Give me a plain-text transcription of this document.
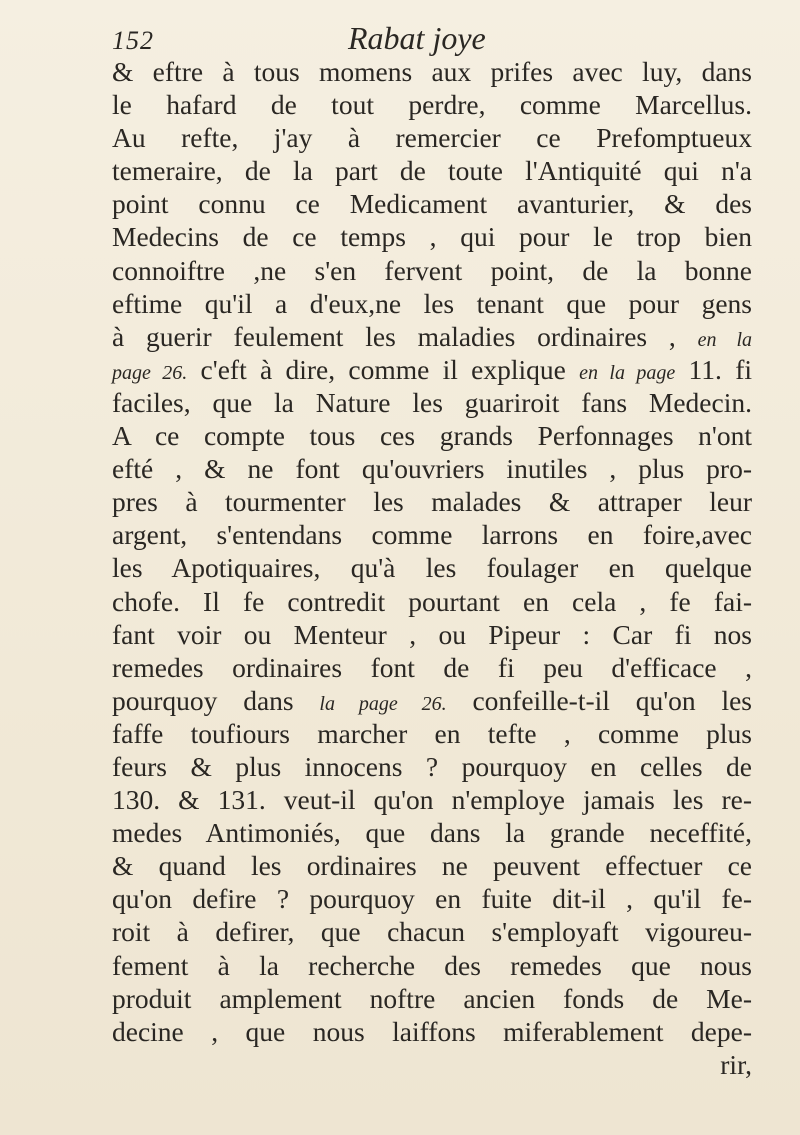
152	Rabat joye
& eftre à tous momens aux prifes avec luy, dans
le hafard de tout perdre, comme Marcellus.
Au refte, j'ay à remercier ce Prefomptueux
temeraire, de la part de toute l'Antiquité qui n'a
point connu ce Medicament avanturier, & des
Medecins de ce temps , qui pour le trop bien
connoiftre ,ne s'en fervent point, de la bonne
eftime qu'il a d'eux,ne les tenant que pour gens
à guerir feulement les maladies ordinaires , en la
page 26. c'eft à dire, comme il explique en la page 11. fi
faciles, que la Nature les guariroit fans Medecin.
A ce compte tous ces grands Perfonnages n'ont
efté , & ne font qu'ouvriers inutiles , plus pro-
pres à tourmenter les malades & attraper leur
argent, s'entendans comme larrons en foire,avec
les Apotiquaires, qu'à les foulager en quelque
chofe. Il fe contredit pourtant en cela , fe fai-
fant voir ou Menteur , ou Pipeur : Car fi nos
remedes ordinaires font de fi peu d'efficace ,
pourquoy dans la page 26. confeille-t-il qu'on les
faffe toufiours marcher en tefte , comme plus
feurs & plus innocens ? pourquoy en celles de
130. & 131. veut-il qu'on n'employe jamais les re-
medes Antimoniés, que dans la grande neceffité,
& quand les ordinaires ne peuvent effectuer ce
qu'on defire ? pourquoy en fuite dit-il , qu'il fe-
roit à defirer, que chacun s'employaft vigoureu-
fement à la recherche des remedes que nous
produit amplement noftre ancien fonds de Me-
decine , que nous laiffons miferablement depe-
rir,
